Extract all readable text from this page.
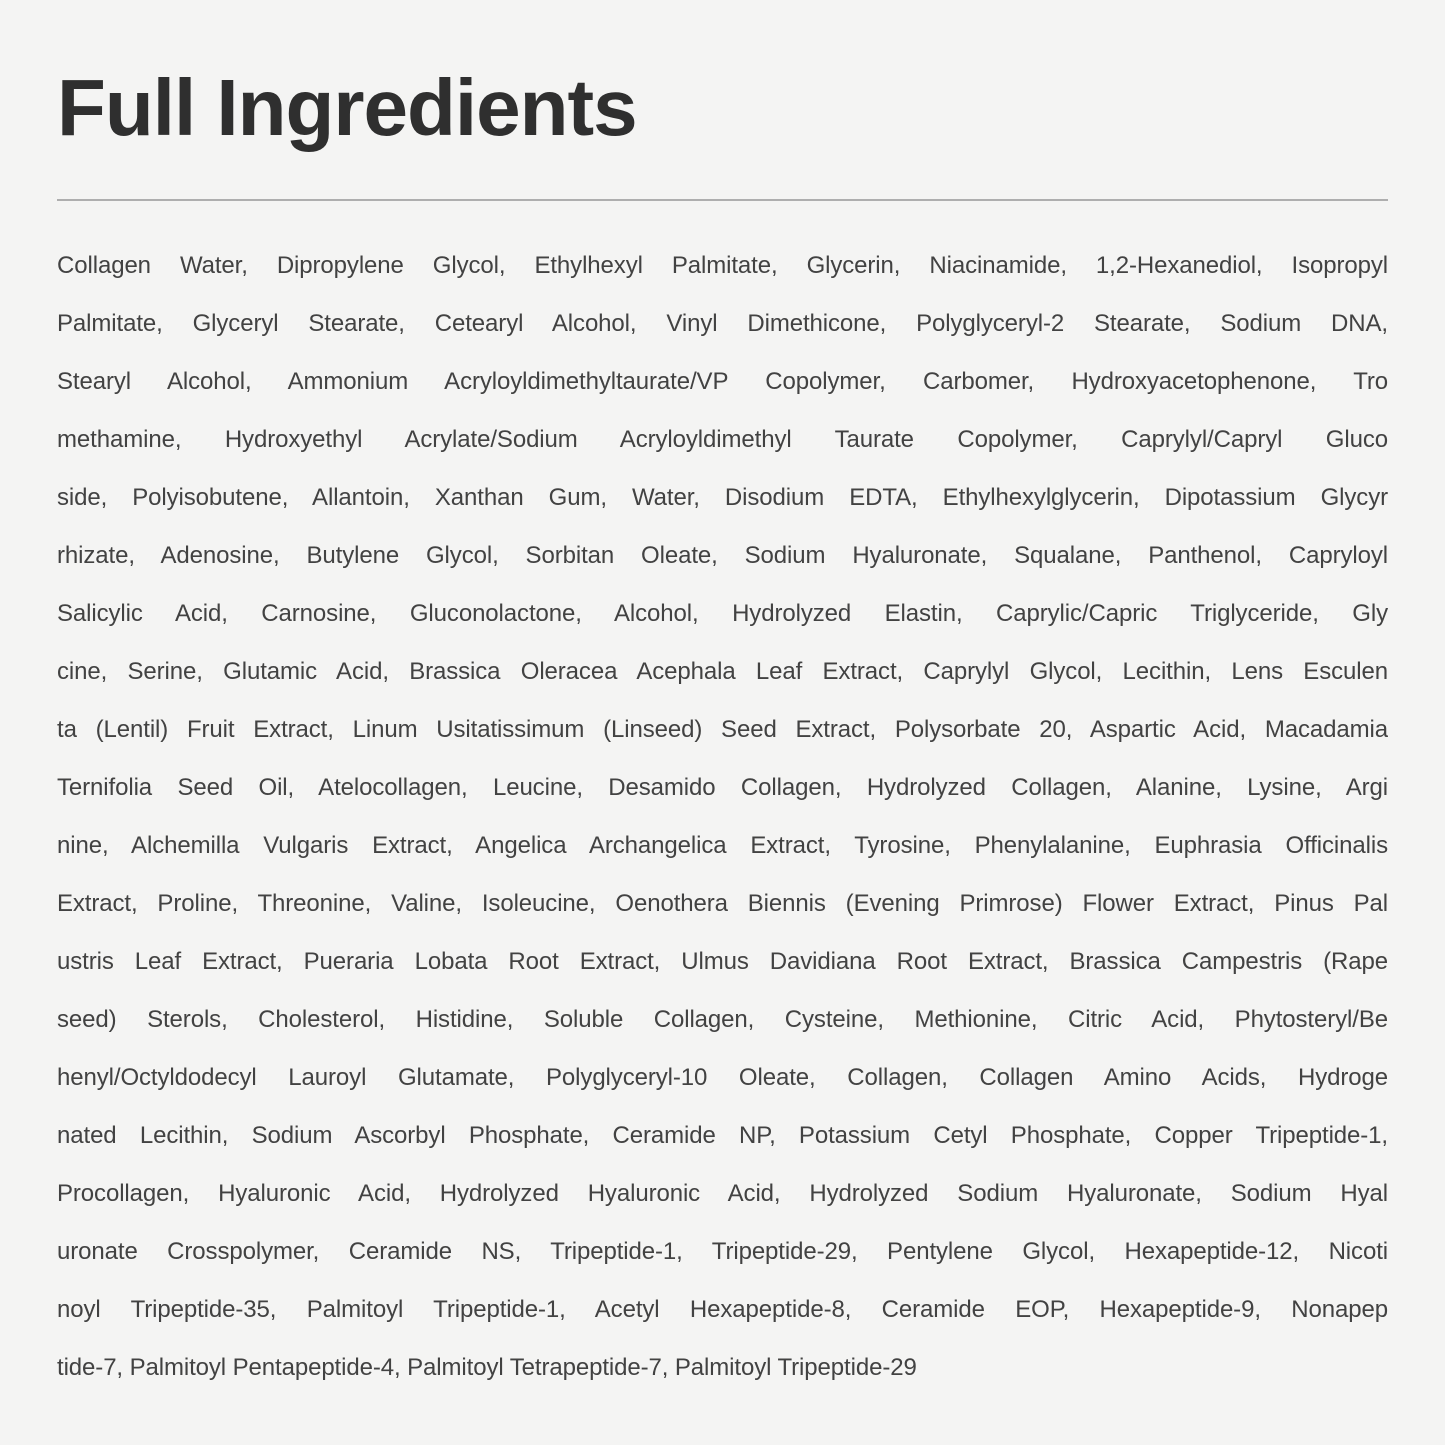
Full Ingredients
Collagen Water, Dipropylene Glycol, Ethylhexyl Palmitate, Glycerin, Niacinamide, 1,2-Hexanediol, Isopropyl
Palmitate, Glyceryl Stearate, Cetearyl Alcohol, Vinyl Dimethicone, Polyglyceryl-2 Stearate, Sodium DNA,
Stearyl Alcohol, Ammonium Acryloyldimethyltaurate/VP Copolymer, Carbomer, Hydroxyacetophenone, Tro
methamine, Hydroxyethyl Acrylate/Sodium Acryloyldimethyl Taurate Copolymer, Caprylyl/Capryl Gluco
side, Polyisobutene, Allantoin, Xanthan Gum, Water, Disodium EDTA, Ethylhexylglycerin, Dipotassium Glycyr
rhizate, Adenosine, Butylene Glycol, Sorbitan Oleate, Sodium Hyaluronate, Squalane, Panthenol, Capryloyl
Salicylic Acid, Carnosine, Gluconolactone, Alcohol, Hydrolyzed Elastin, Caprylic/Capric Triglyceride, Gly
cine, Serine, Glutamic Acid, Brassica Oleracea Acephala Leaf Extract, Caprylyl Glycol, Lecithin, Lens Esculen
ta (Lentil) Fruit Extract, Linum Usitatissimum (Linseed) Seed Extract, Polysorbate 20, Aspartic Acid, Macadamia
Ternifolia Seed Oil, Atelocollagen, Leucine, Desamido Collagen, Hydrolyzed Collagen, Alanine, Lysine, Argi
nine, Alchemilla Vulgaris Extract, Angelica Archangelica Extract, Tyrosine, Phenylalanine, Euphrasia Officinalis
Extract, Proline, Threonine, Valine, Isoleucine, Oenothera Biennis (Evening Primrose) Flower Extract, Pinus Pal
ustris Leaf Extract, Pueraria Lobata Root Extract, Ulmus Davidiana Root Extract, Brassica Campestris (Rape
seed) Sterols, Cholesterol, Histidine, Soluble Collagen, Cysteine, Methionine, Citric Acid, Phytosteryl/Be
henyl/Octyldodecyl Lauroyl Glutamate, Polyglyceryl-10 Oleate, Collagen, Collagen Amino Acids, Hydroge
nated Lecithin, Sodium Ascorbyl Phosphate, Ceramide NP, Potassium Cetyl Phosphate, Copper Tripeptide-1,
Procollagen, Hyaluronic Acid, Hydrolyzed Hyaluronic Acid, Hydrolyzed Sodium Hyaluronate, Sodium Hyal
uronate Crosspolymer, Ceramide NS, Tripeptide-1, Tripeptide-29, Pentylene Glycol, Hexapeptide-12, Nicoti
noyl Tripeptide-35, Palmitoyl Tripeptide-1, Acetyl Hexapeptide-8, Ceramide EOP, Hexapeptide-9, Nonapep
tide-7, Palmitoyl Pentapeptide-4, Palmitoyl Tetrapeptide-7, Palmitoyl Tripeptide-29
